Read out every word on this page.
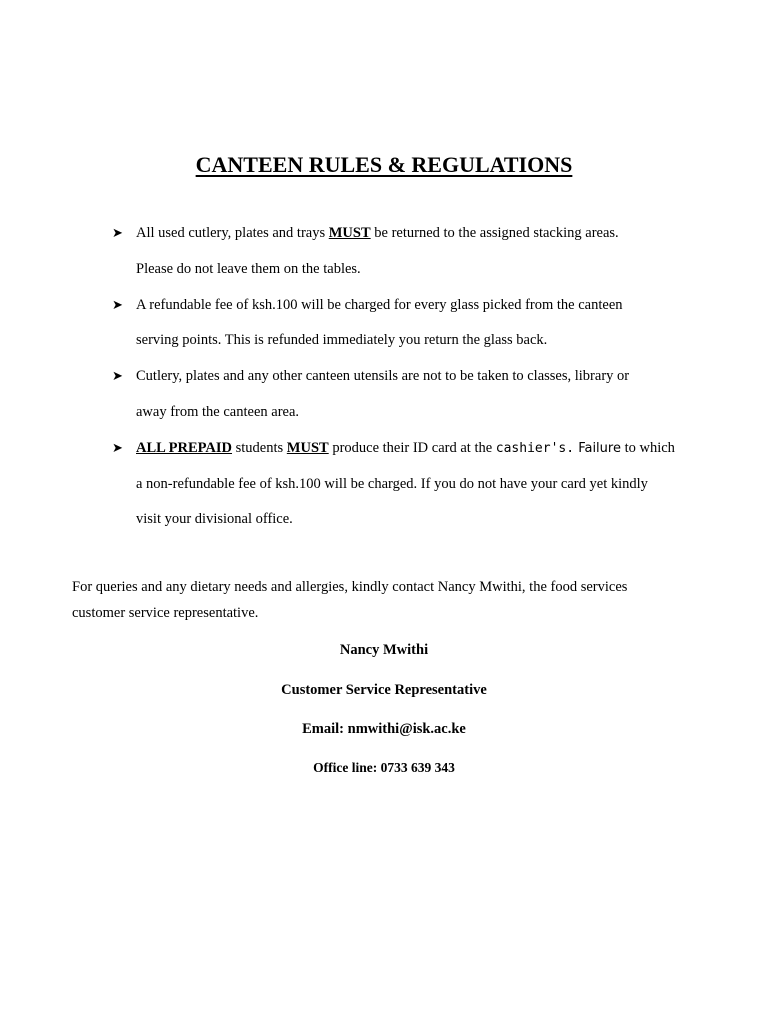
CANTEEN RULES & REGULATIONS
➤ All used cutlery, plates and trays MUST be returned to the assigned stacking areas.
Please do not leave them on the tables.
➤ A refundable fee of ksh.100 will be charged for every glass picked from the canteen
serving points. This is refunded immediately you return the glass back.
➤ Cutlery, plates and any other canteen utensils are not to be taken to classes, library or
away from the canteen area.
➤ ALL PREPAID students MUST produce their ID card at the cashier's. Failure to which
a non-refundable fee of ksh.100 will be charged. If you do not have your card yet kindly
visit your divisional office.
For queries and any dietary needs and allergies, kindly contact Nancy Mwithi, the food services
customer service representative.
Nancy Mwithi
Customer Service Representative
Email: nmwithi@isk.ac.ke
Office line: 0733 639 343
